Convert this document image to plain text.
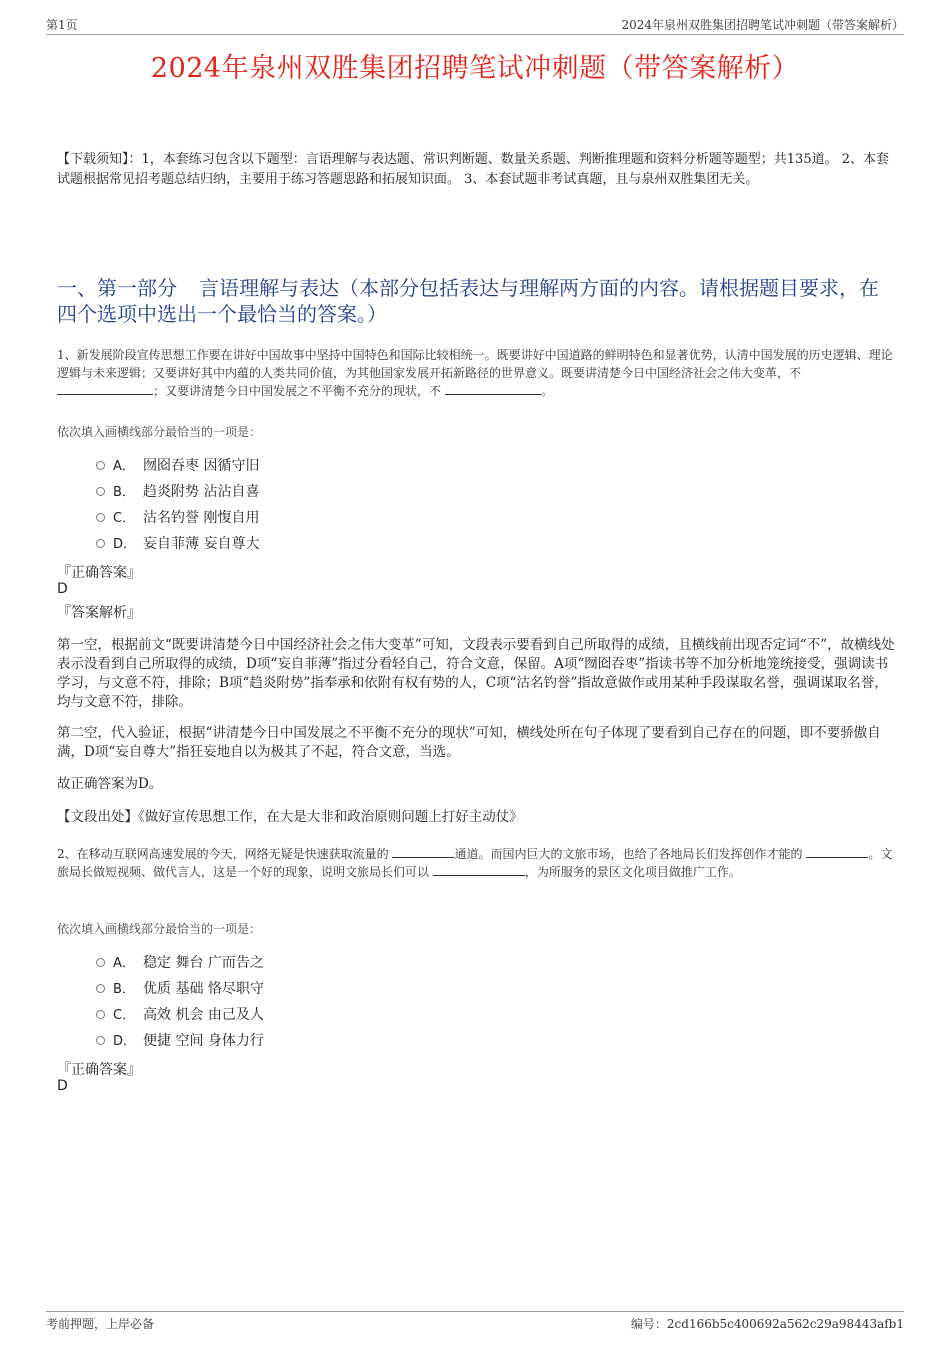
第1页	2024年泉州双胜集团招聘笔试冲刺题（带答案解析）
2024年泉州双胜集团招聘笔试冲刺题（带答案解析）
【下载须知】：1，本套练习包含以下题型：言语理解与表达题、常识判断题、数量关系题、判断推理题和资料分析题等题型；共135道。 2、本套试题根据常见招考题总结归纳，主要用于练习答题思路和拓展知识面。 3、本套试题非考试真题，且与泉州双胜集团无关。
一、第一部分 言语理解与表达（本部分包括表达与理解两方面的内容。请根据题目要求，在四个选项中选出一个最恰当的答案。）
1、新发展阶段宣传思想工作要在讲好中国故事中坚持中国特色和国际比较相统一。既要讲好中国道路的鲜明特色和显著优势，认清中国发展的历史逻辑、理论逻辑与未来逻辑；又要讲好其中内蕴的人类共同价值，为其他国家发展开拓新路径的世界意义。既要讲清楚今日中国经济社会之伟大变革，不 ；又要讲清楚今日中国发展之不平衡不充分的现状，不	。
依次填入画横线部分最恰当的一项是：
A． 囫囵吞枣 因循守旧
B． 趋炎附势 沾沾自喜
C． 沽名钓誉 刚愎自用
D． 妄自菲薄 妄自尊大
『正确答案』
D
『答案解析』
第一空，根据前文“既要讲清楚今日中国经济社会之伟大变革”可知，文段表示要看到自己所取得的成绩，且横线前出现否定词“不”，故横线处表示没看到自己所取得的成绩，D项“妄自菲薄”指过分看轻自己，符合文意，保留。A项“囫囵吞枣”指读书等不加分析地笼统接受，强调读书学习，与文意不符，排除；B项“趋炎附势”指奉承和依附有权有势的人，C项“沽名钓誉”指故意做作或用某种手段谋取名誉，强调谋取名誉，均与文意不符，排除。
第二空，代入验证，根据“讲清楚今日中国发展之不平衡不充分的现状”可知，横线处所在句子体现了要看到自己存在的问题，即不要骄傲自满，D项“妄自尊大”指狂妄地自以为极其了不起，符合文意，当选。
故正确答案为D。
【文段出处】《做好宣传思想工作，在大是大非和政治原则问题上打好主动仗》
2、在移动互联网高速发展的今天，网络无疑是快速获取流量的	通道。而国内巨大的文旅市场，也给了各地局长们发挥创作才能的	。文旅局长做短视频、做代言人，这是一个好的现象，说明文旅局长们可以	，为所服务的景区文化项目做推广工作。
依次填入画横线部分最恰当的一项是：
A． 稳定 舞台 广而告之
B． 优质 基础 恪尽职守
C． 高效 机会 由己及人
D． 便捷 空间 身体力行
『正确答案』
D
考前押题，上岸必备	编号：2cd166b5c400692a562c29a98443afb1
